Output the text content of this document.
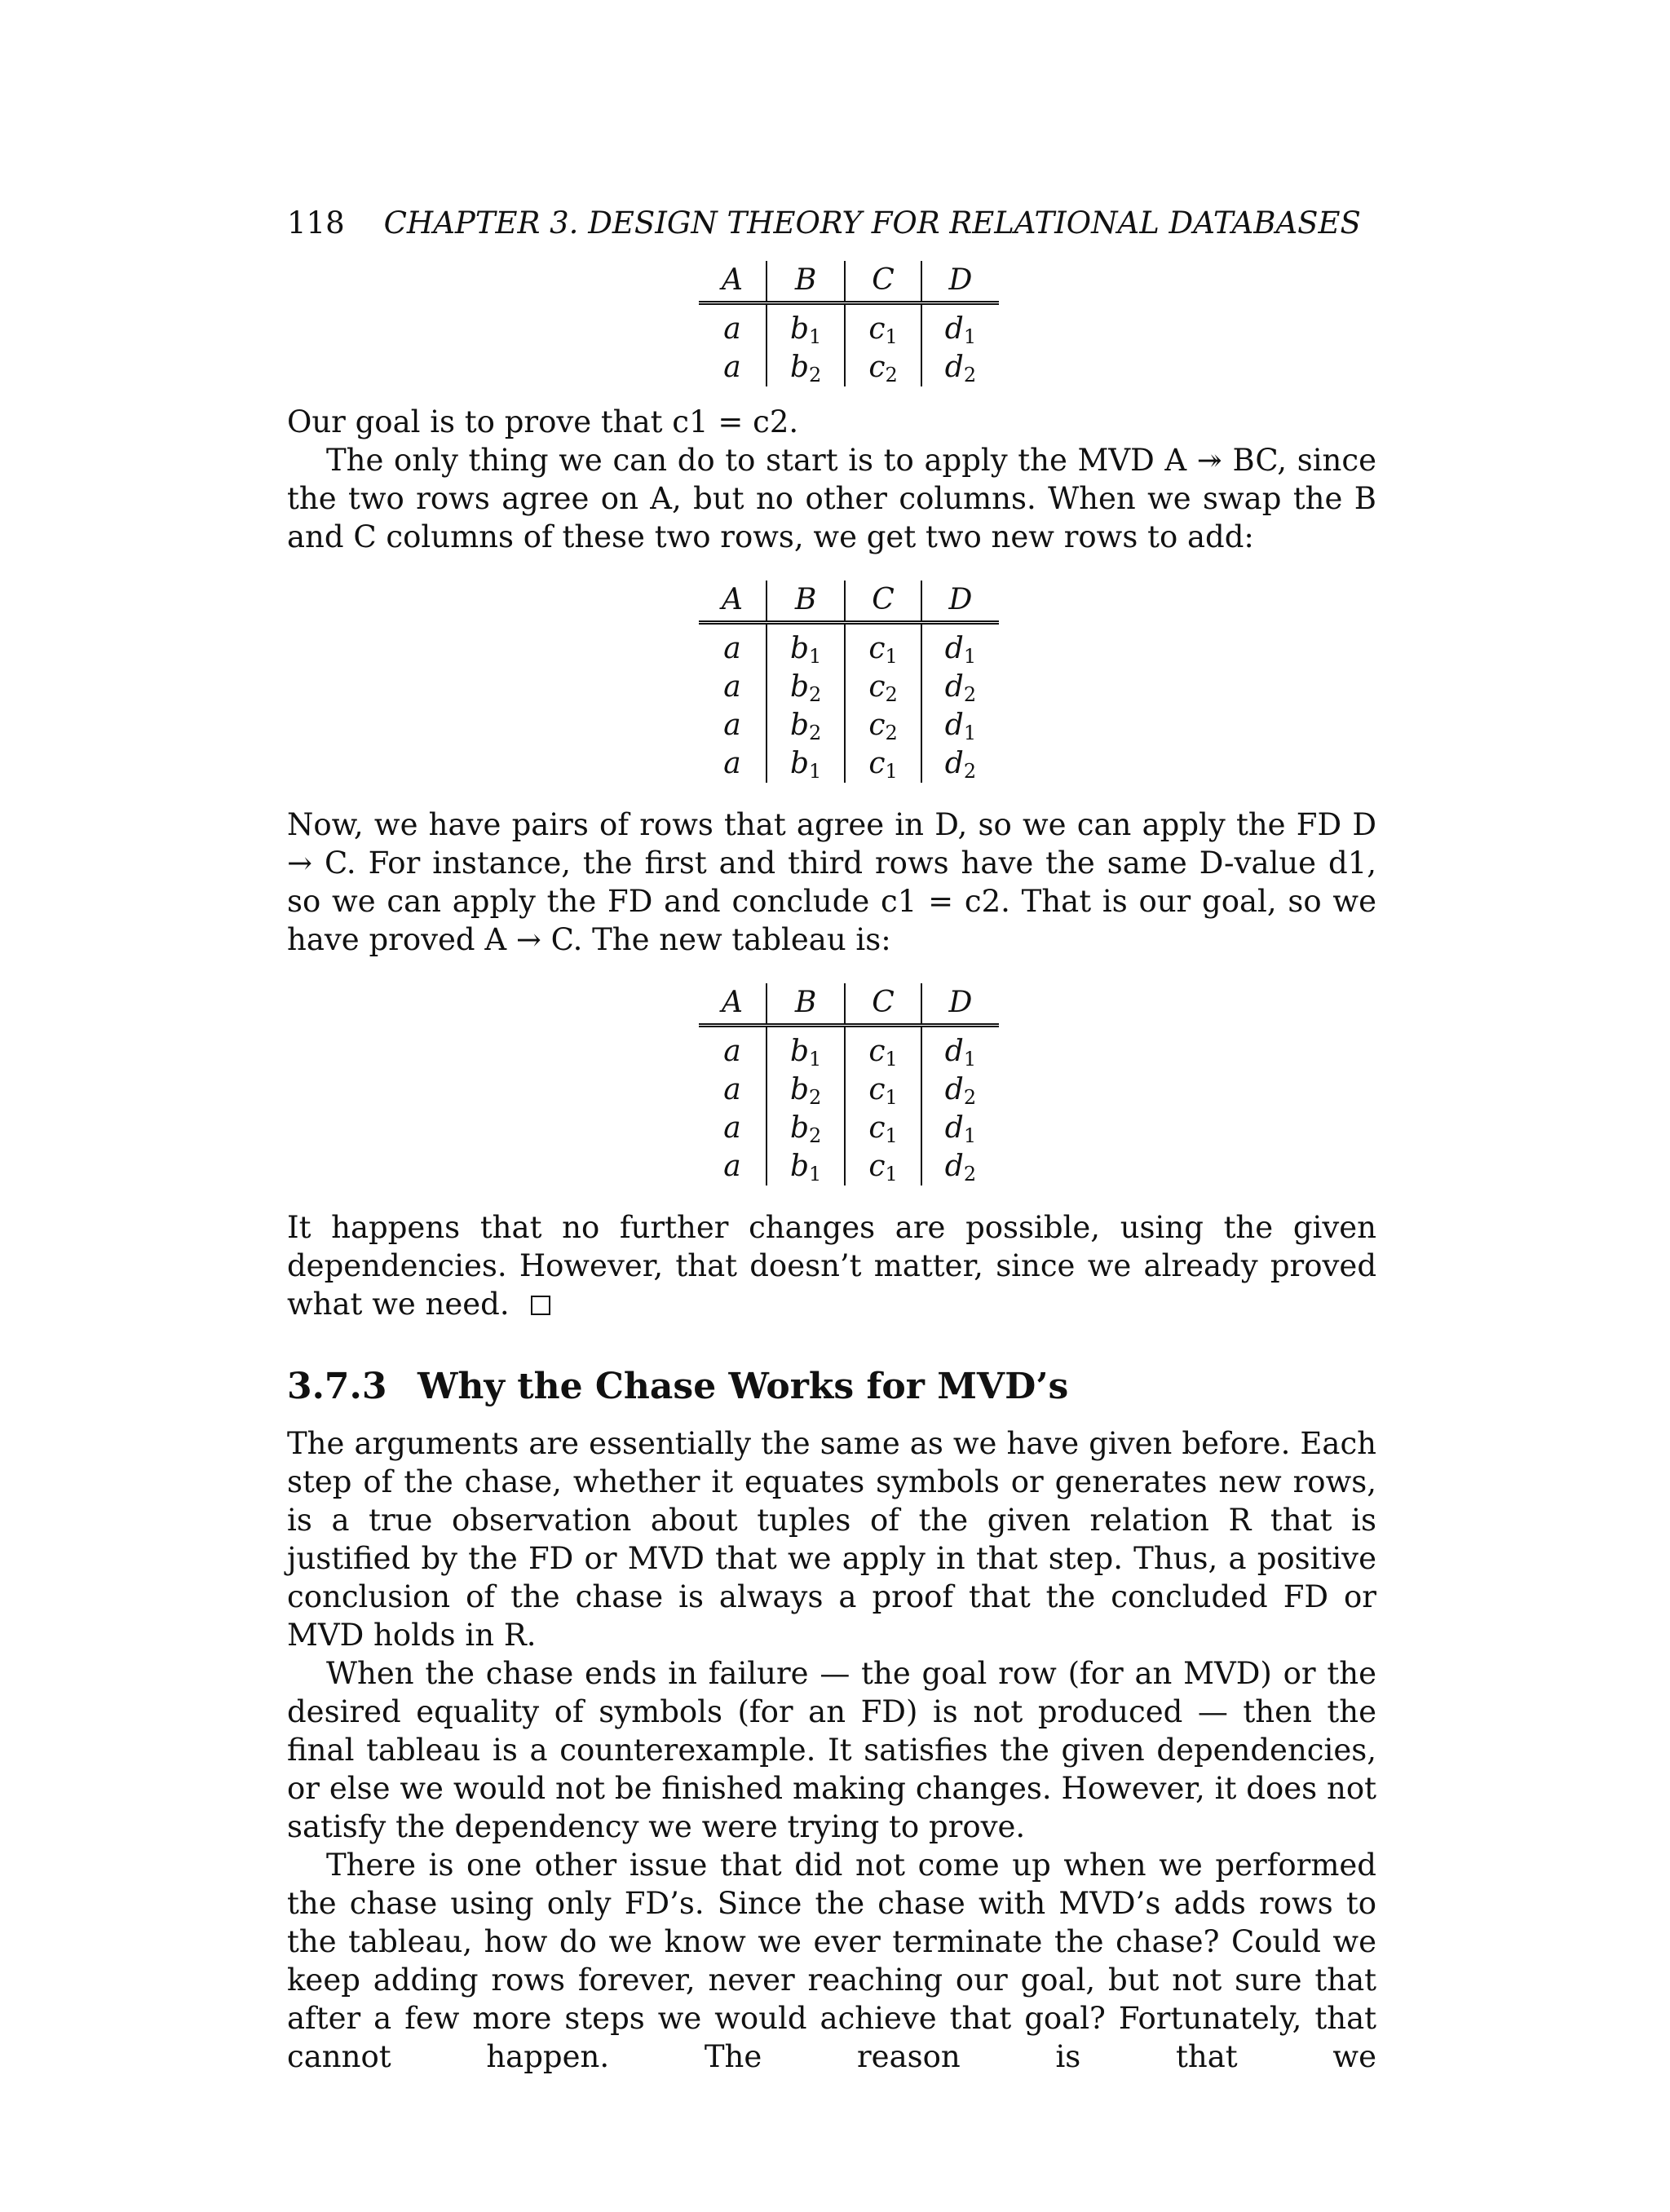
118	CHAPTER 3. DESIGN THEORY FOR RELATIONAL DATABASES
A	B	C	D
a	$b_1$	$c_1$	$d_1$
a	$b_2$	$c_2$	$d_2$

Our goal is to prove that c1 = c2.

The only thing we can do to start is to apply the MVD A ↠ BC, since the two rows agree on A, but no other columns. When we swap the B and C columns of these two rows, we get two new rows to add:

A	B	C	D
a	$b_1$	$c_1$	$d_1$
a	$b_2$	$c_2$	$d_2$
a	$b_2$	$c_2$	$d_1$
a	$b_1$	$c_1$	$d_2$

Now, we have pairs of rows that agree in D, so we can apply the FD D → C. For instance, the first and third rows have the same D-value d1, so we can apply the FD and conclude c1 = c2. That is our goal, so we have proved A → C. The new tableau is:

A	B	C	D
a	$b_1$	$c_1$	$d_1$
a	$b_2$	$c_1$	$d_2$
a	$b_2$	$c_1$	$d_1$
a	$b_1$	$c_1$	$d_2$

It happens that no further changes are possible, using the given dependencies. However, that doesn’t matter, since we already proved what we need.

3.7.3 Why the Chase Works for MVD’s

The arguments are essentially the same as we have given before. Each step of the chase, whether it equates symbols or generates new rows, is a true observation about tuples of the given relation R that is justified by the FD or MVD that we apply in that step. Thus, a positive conclusion of the chase is always a proof that the concluded FD or MVD holds in R.

When the chase ends in failure — the goal row (for an MVD) or the desired equality of symbols (for an FD) is not produced — then the final tableau is a counterexample. It satisfies the given dependencies, or else we would not be finished making changes. However, it does not satisfy the dependency we were trying to prove.

There is one other issue that did not come up when we performed the chase using only FD’s. Since the chase with MVD’s adds rows to the tableau, how do we know we ever terminate the chase? Could we keep adding rows forever, never reaching our goal, but not sure that after a few more steps we would achieve that goal? Fortunately, that cannot happen. The reason is that we
